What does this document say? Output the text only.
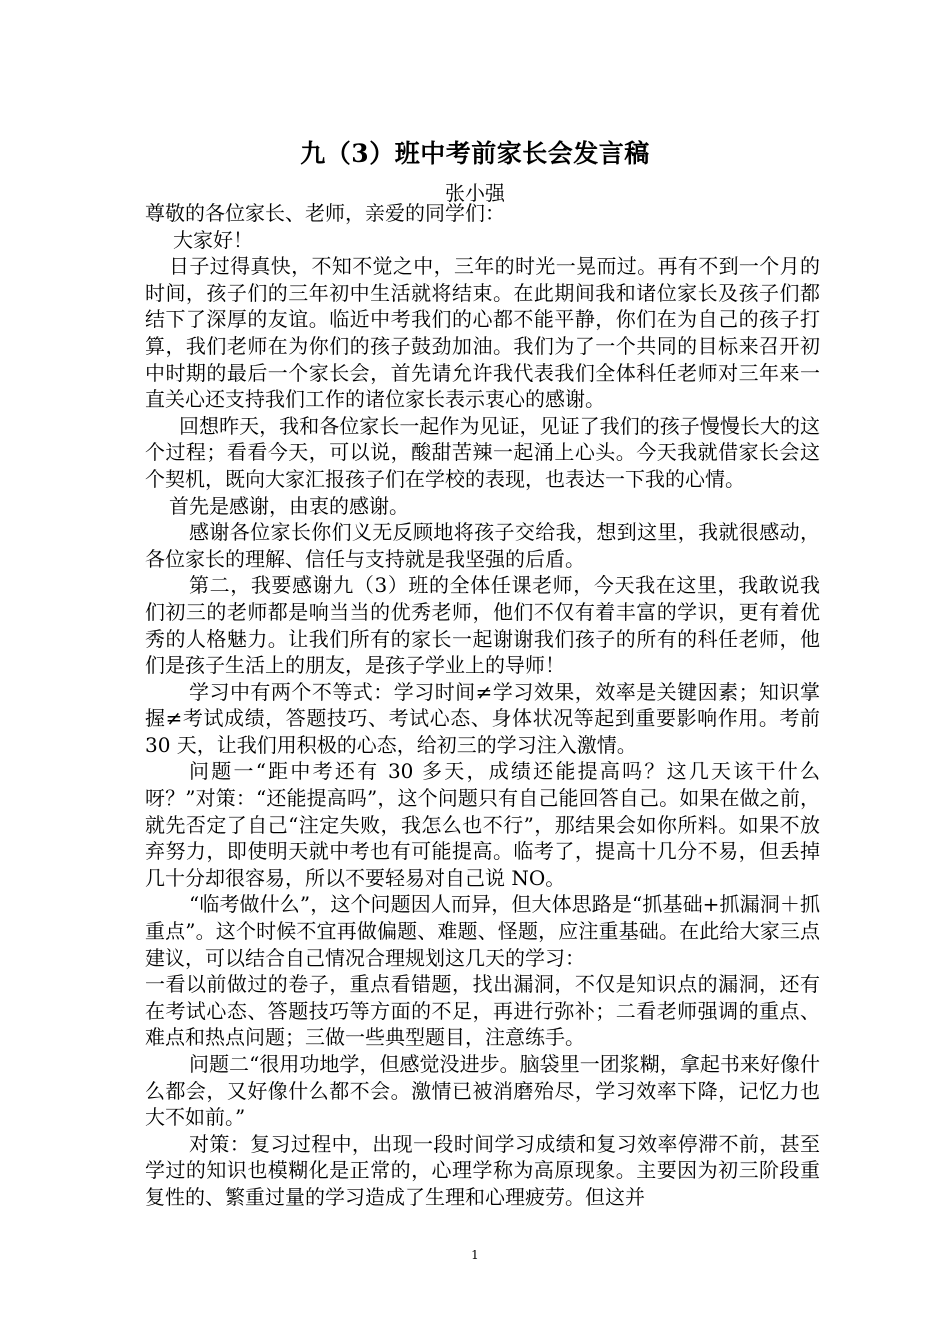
九（3）班中考前家长会发言稿
张小强

尊敬的各位家长、老师，亲爱的同学们：

大家好！

日子过得真快，不知不觉之中，三年的时光一晃而过。再有不到一个月的时间，孩子们的三年初中生活就将结束。在此期间我和诸位家长及孩子们都结下了深厚的友谊。临近中考我们的心都不能平静，你们在为自己的孩子打算，我们老师在为你们的孩子鼓劲加油。我们为了一个共同的目标来召开初中时期的最后一个家长会，首先请允许我代表我们全体科任老师对三年来一直关心还支持我们工作的诸位家长表示衷心的感谢。

回想昨天，我和各位家长一起作为见证，见证了我们的孩子慢慢长大的这个过程；看看今天，可以说，酸甜苦辣一起涌上心头。今天我就借家长会这个契机，既向大家汇报孩子们在学校的表现，也表达一下我的心情。

首先是感谢，由衷的感谢。

感谢各位家长你们义无反顾地将孩子交给我，想到这里，我就很感动，各位家长的理解、信任与支持就是我坚强的后盾。

第二，我要感谢九（3）班的全体任课老师，今天我在这里，我敢说我们初三的老师都是响当当的优秀老师，他们不仅有着丰富的学识，更有着优秀的人格魅力。让我们所有的家长一起谢谢我们孩子的所有的科任老师，他们是孩子生活上的朋友，是孩子学业上的导师！

学习中有两个不等式：学习时间≠学习效果，效率是关键因素；知识掌握≠考试成绩，答题技巧、考试心态、身体状况等起到重要影响作用。考前 30 天，让我们用积极的心态，给初三的学习注入激情。

问题一“距中考还有 30 多天，成绩还能提高吗？这几天该干什么呀？”对策：“还能提高吗”，这个问题只有自己能回答自己。如果在做之前，就先否定了自己“注定失败，我怎么也不行”，那结果会如你所料。如果不放弃努力，即使明天就中考也有可能提高。临考了，提高十几分不易，但丢掉几十分却很容易，所以不要轻易对自己说 NO。

“临考做什么”，这个问题因人而异，但大体思路是“抓基础+抓漏洞＋抓重点”。这个时候不宜再做偏题、难题、怪题，应注重基础。在此给大家三点建议，可以结合自己情况合理规划这几天的学习：

一看以前做过的卷子，重点看错题，找出漏洞，不仅是知识点的漏洞，还有在考试心态、答题技巧等方面的不足，再进行弥补；二看老师强调的重点、难点和热点问题；三做一些典型题目，注意练手。

问题二“很用功地学，但感觉没进步。脑袋里一团浆糊，拿起书来好像什么都会，又好像什么都不会。激情已被消磨殆尽，学习效率下降，记忆力也大不如前。”

对策：复习过程中，出现一段时间学习成绩和复习效率停滞不前，甚至学过的知识也模糊化是正常的，心理学称为高原现象。主要因为初三阶段重复性的、繁重过量的学习造成了生理和心理疲劳。但这并

1
